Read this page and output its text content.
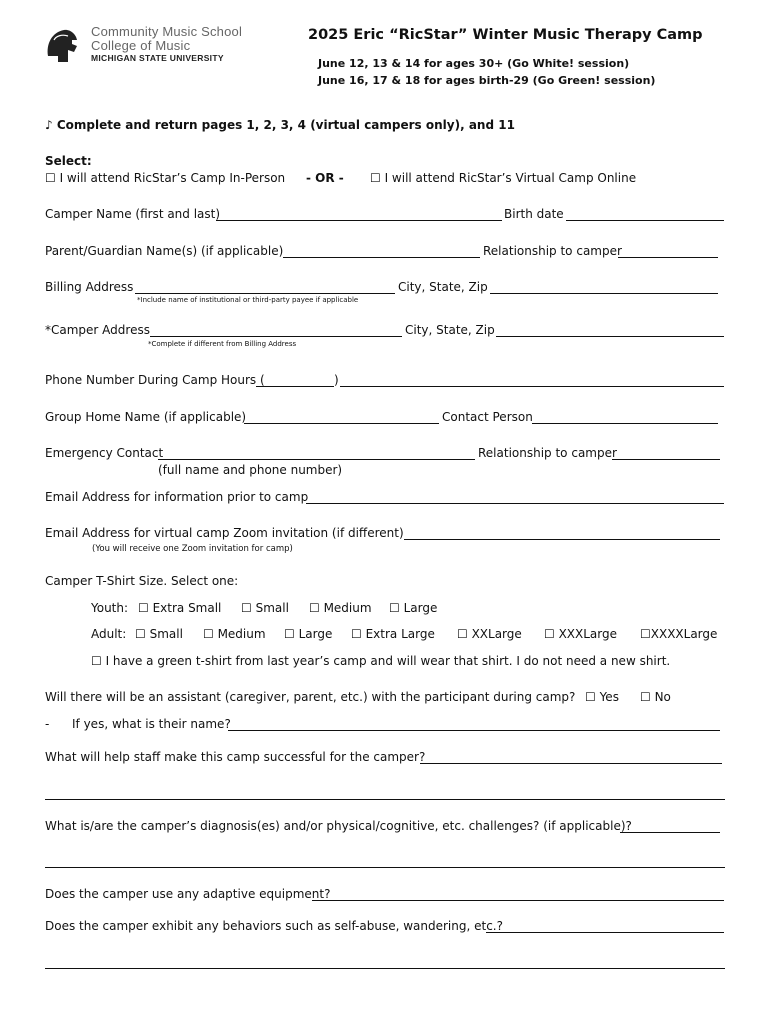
Community Music School
College of Music
MICHIGAN STATE UNIVERSITY
2025 Eric “RicStar” Winter Music Therapy Camp
June 12, 13 & 14 for ages 30+ (Go White! session)
June 16, 17 & 18 for ages birth-29 (Go Green! session)
♪ Complete and return pages 1, 2, 3, 4 (virtual campers only), and 11
Select:
☐ I will attend RicStar’s Camp In-Person - OR - ☐ I will attend RicStar’s Virtual Camp Online
Camper Name (first and last)	Birth date
Parent/Guardian Name(s) (if applicable)	Relationship to camper
Billing Address	City, State, Zip
*Include name of institutional or third-party payee if applicable
*Camper Address	City, State, Zip
*Complete if different from Billing Address
Phone Number During Camp Hours (	)
Group Home Name (if applicable)	Contact Person
Emergency Contact	Relationship to camper
(full name and phone number)
Email Address for information prior to camp
Email Address for virtual camp Zoom invitation (if different)
(You will receive one Zoom invitation for camp)
Camper T-Shirt Size. Select one:
Youth: ☐ Extra Small ☐ Small ☐ Medium ☐ Large
Adult: ☐ Small ☐ Medium ☐ Large ☐ Extra Large ☐ XXLarge ☐ XXXLarge ☐XXXXLarge
☐ I have a green t-shirt from last year’s camp and will wear that shirt. I do not need a new shirt.
Will there will be an assistant (caregiver, parent, etc.) with the participant during camp? ☐ Yes ☐ No
- If yes, what is their name?
What will help staff make this camp successful for the camper?
What is/are the camper’s diagnosis(es) and/or physical/cognitive, etc. challenges? (if applicable)?
Does the camper use any adaptive equipment?
Does the camper exhibit any behaviors such as self-abuse, wandering, etc.?
